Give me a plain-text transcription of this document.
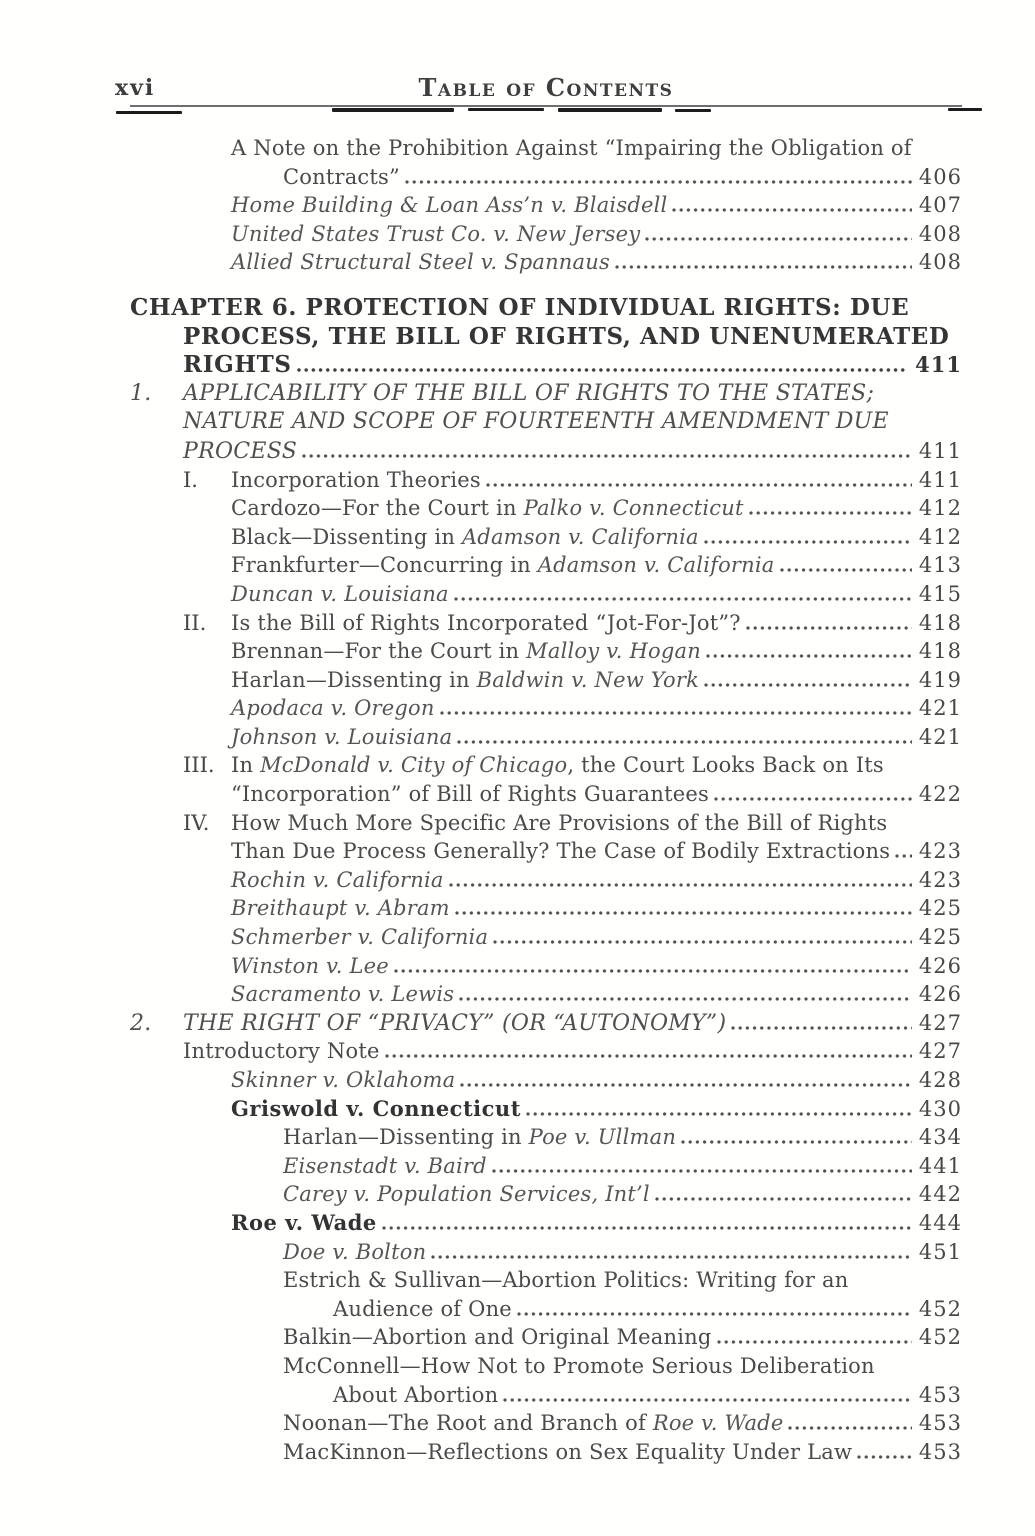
xvi	Table of Contents
A Note on the Prohibition Against “Impairing the Obligation of
Contracts”	406
Home Building & Loan Ass’n v. Blaisdell	407
United States Trust Co. v. New Jersey	408
Allied Structural Steel v. Spannaus	408
CHAPTER 6. PROTECTION OF INDIVIDUAL RIGHTS: DUE
PROCESS, THE BILL OF RIGHTS, AND UNENUMERATED
RIGHTS	411
1.	APPLICABILITY OF THE BILL OF RIGHTS TO THE STATES;
NATURE AND SCOPE OF FOURTEENTH AMENDMENT DUE
PROCESS	411
I.	Incorporation Theories	411
Cardozo—For the Court in Palko v. Connecticut	412
Black—Dissenting in Adamson v. California	412
Frankfurter—Concurring in Adamson v. California	413
Duncan v. Louisiana	415
II.	Is the Bill of Rights Incorporated “Jot-For-Jot”?	418
Brennan—For the Court in Malloy v. Hogan	418
Harlan—Dissenting in Baldwin v. New York	419
Apodaca v. Oregon	421
Johnson v. Louisiana	421
III. In McDonald v. City of Chicago, the Court Looks Back on Its
“Incorporation” of Bill of Rights Guarantees	422
IV.	How Much More Specific Are Provisions of the Bill of Rights
Than Due Process Generally? The Case of Bodily Extractions 423
Rochin v. California	423
Breithaupt v. Abram	425
Schmerber v. California	425
Winston v. Lee	426
Sacramento v. Lewis	426
2.	THE RIGHT OF “PRIVACY” (OR “AUTONOMY”)	427
Introductory Note	427
Skinner v. Oklahoma	428
Griswold v. Connecticut	430
Harlan—Dissenting in Poe v. Ullman	434
Eisenstadt v. Baird	441
Carey v. Population Services, Int’l	442
Roe v. Wade	444
Doe v. Bolton	451
Estrich & Sullivan—Abortion Politics: Writing for an
Audience of One	452
Balkin—Abortion and Original Meaning	452
McConnell—How Not to Promote Serious Deliberation
About Abortion	453
Noonan—The Root and Branch of Roe v. Wade	453
MacKinnon—Reflections on Sex Equality Under Law	453
